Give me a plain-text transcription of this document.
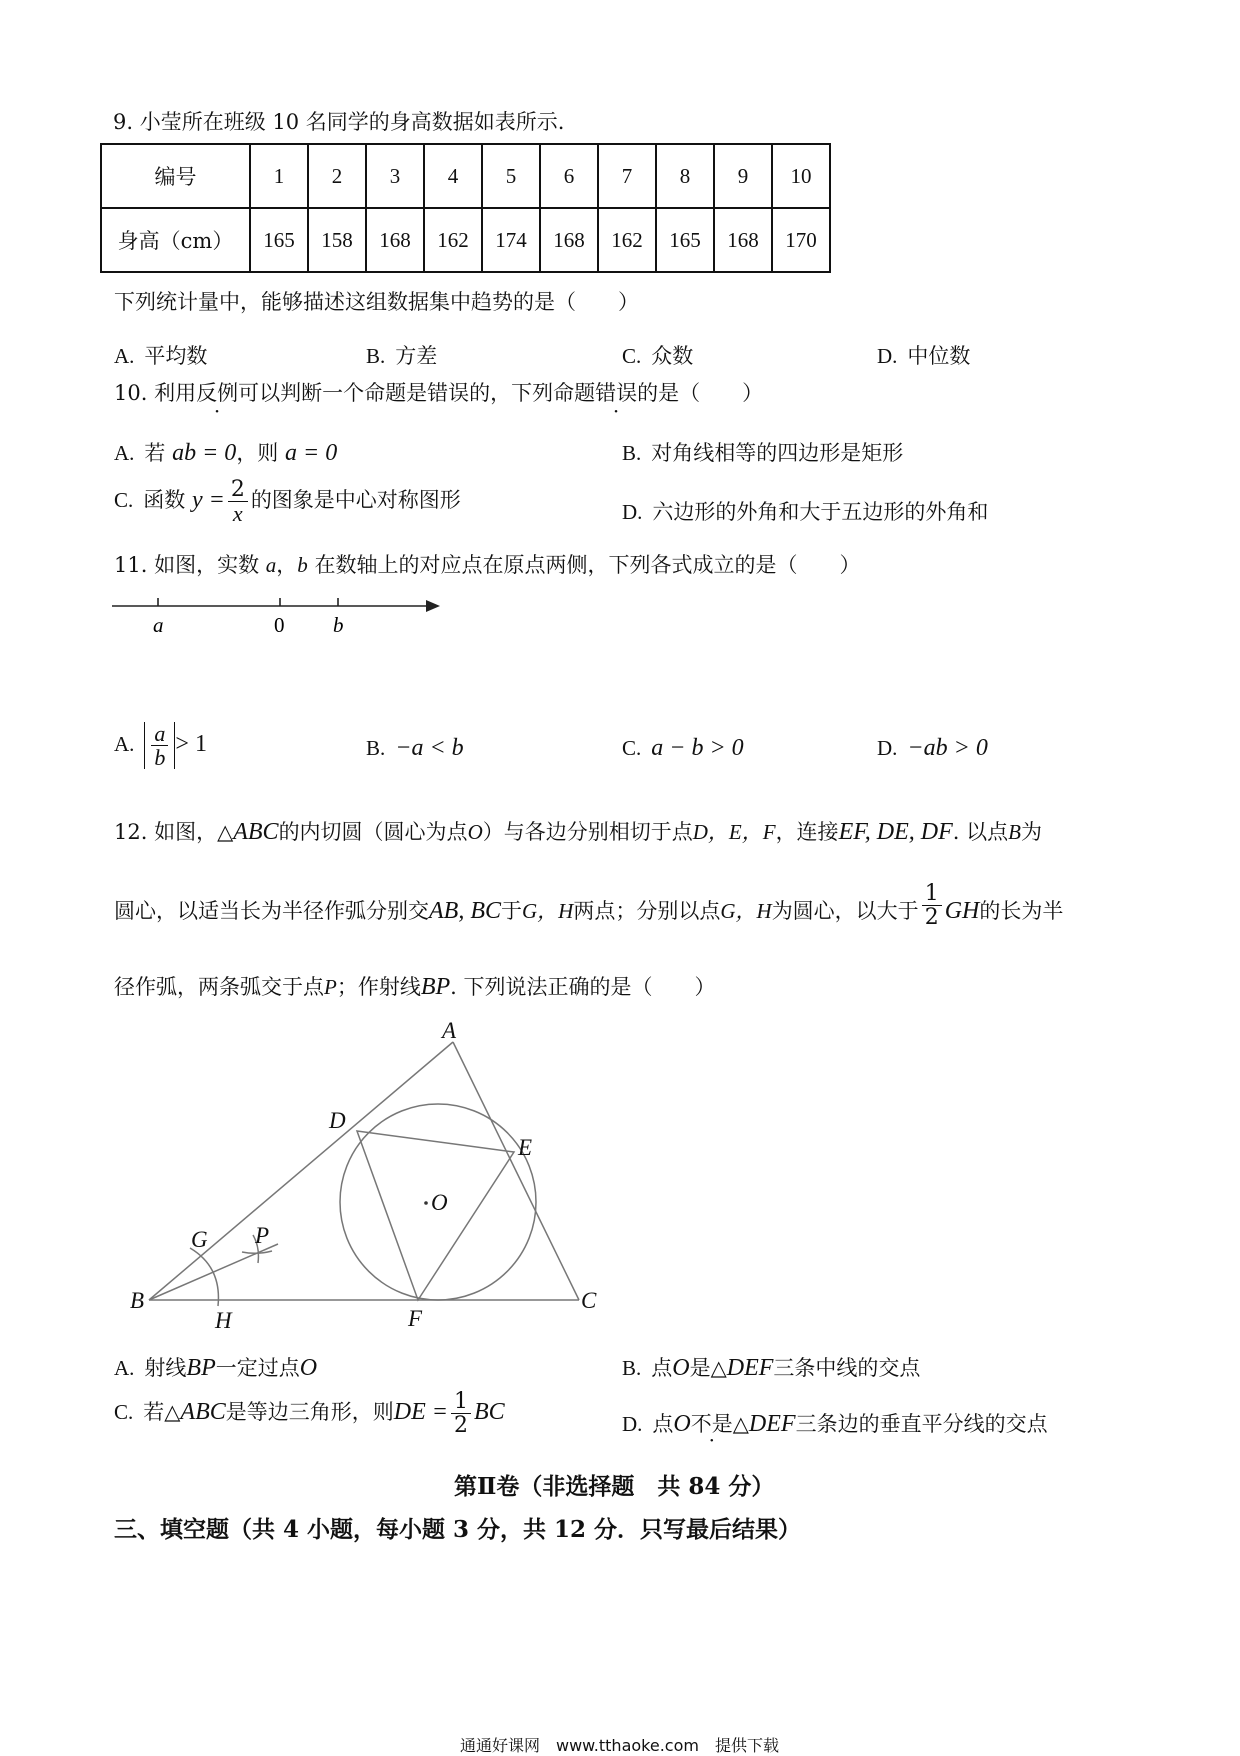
9. 小莹所在班级 10 名同学的身高数据如表所示.
编号	1	2	3	4	5	6	7	8	9	10
身高（cm）	165	158	168	162	174	168	162	165	168	170
下列统计量中，能够描述这组数据集中趋势的是（　　）
A. 平均数	B. 方差	C. 众数	D. 中位数
10. 利用反例可以判断一个命题是错误的，下列命题错误的是（　　）
A. 若 ab = 0，则 a = 0	B. 对角线相等的四边形是矩形
C. 函数 $y = \frac{2}{x}$ 的图象是中心对称图形	D. 六边形的外角和大于五边形的外角和
11. 如图，实数 a，b 在数轴上的对应点在原点两侧，下列各式成立的是（　　）
a	0 b
A. $\frac{a}{b} > 1$	B. −a < b	C. a − b > 0	D. −ab > 0
12. 如图，△ABC的内切圆（圆心为点O）与各边分别相切于点D，E，F，连接EF, DE, DF. 以点B为
圆心，以适当长为半径作弧分别交AB, BC于G，H两点；分别以点G，H为圆心，以大于 $\frac{1}{2}$ GH的长为半
径作弧，两条弧交于点P；作射线BP. 下列说法正确的是（　　）
A
B	C
D
E
F
G
H
P
O
A. 射线BP一定过点O	B. 点O是△DEF三条中线的交点
C. 若△ABC是等边三角形，则DE = $\frac{1}{2}$ BC	D. 点O不是△DEF三条边的垂直平分线的交点
第Ⅱ卷（非选择题　共 84 分）
三、填空题（共 4 小题，每小题 3 分，共 12 分．只写最后结果）
通通好课网　www.tthaoke.com　提供下载
